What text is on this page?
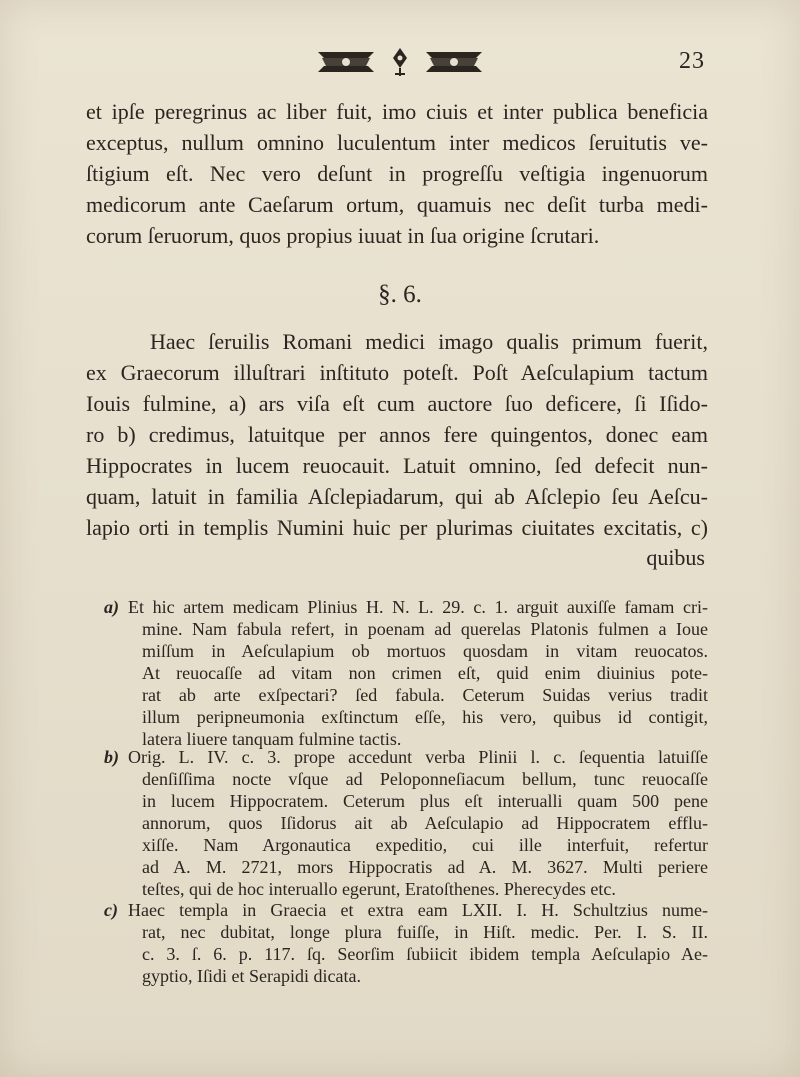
23
et ipſe peregrinus ac liber fuit, imo ciuis et inter publica beneficia
exceptus, nullum omnino luculentum inter medicos ſeruitutis ve-
ſtigium eſt. Nec vero deſunt in progreſſu veſtigia ingenuorum
medicorum ante Caeſarum ortum, quamuis nec deſit turba medi-
corum ſeruorum, quos propius iuuat in ſua origine ſcrutari.
§. 6.
Haec ſeruilis Romani medici imago qualis primum fuerit,
ex Graecorum illuſtrari inſtituto poteſt. Poſt Aeſculapium tactum
Iouis fulmine, a) ars viſa eſt cum auctore ſuo deficere, ſi Iſido-
ro b) credimus, latuitque per annos fere quingentos, donec eam
Hippocrates in lucem reuocauit. Latuit omnino, ſed defecit nun-
quam, latuit in familia Aſclepiadarum, qui ab Aſclepio ſeu Aeſcu-
lapio orti in templis Numini huic per plurimas ciuitates excitatis, c)
quibus
a) Et hic artem medicam Plinius H. N. L. 29. c. 1. arguit auxiſſe famam cri-
mine. Nam fabula refert, in poenam ad querelas Platonis fulmen a Ioue
miſſum in Aeſculapium ob mortuos quosdam in vitam reuocatos.
At reuocaſſe ad vitam non crimen eſt, quid enim diuinius pote-
rat ab arte exſpectari? ſed fabula. Ceterum Suidas verius tradit
illum peripneumonia exſtinctum eſſe, his vero, quibus id contigit,
latera liuere tanquam fulmine tactis.
b) Orig. L. IV. c. 3. prope accedunt verba Plinii l. c. ſequentia latuiſſe
denſiſſima nocte vſque ad Peloponneſiacum bellum, tunc reuocaſſe
in lucem Hippocratem. Ceterum plus eſt interualli quam 500 pene
annorum, quos Iſidorus ait ab Aeſculapio ad Hippocratem efflu-
xiſſe. Nam Argonautica expeditio, cui ille interfuit, refertur
ad A. M. 2721, mors Hippocratis ad A. M. 3627. Multi periere
teſtes, qui de hoc interuallo egerunt, Eratoſthenes. Pherecydes etc.
c) Haec templa in Graecia et extra eam LXII. I. H. Schultzius nume-
rat, nec dubitat, longe plura fuiſſe, in Hiſt. medic. Per. I. S. II.
c. 3. ſ. 6. p. 117. ſq. Seorſim ſubiicit ibidem templa Aeſculapio Ae-
gyptio, Iſidi et Serapidi dicata.
